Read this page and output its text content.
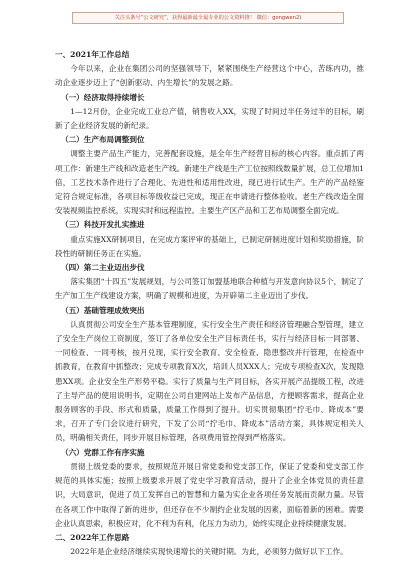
关注头条号“公文研究”，获得最新最全最专业的公文资料推！ 微信：gongwen2)
一、2021年工作总结
今年以来，企业在集团公司的坚强领导下，紧紧围绕生产经营这个中心，苦练内功，推动企业逐步迈上了“创新驱动、内生增长”的发展之路。
（一）经济取得持续增长
1—12月份，企业完成工业总产值，销售收入XX，实现了时间过半任务过半的目标，刷新了企业经济发展的新纪录。
（二）生产布局调整到位
调整主要产品生产能力，完善配套设施，是全年生产经营目标的核心内容。重点抓了两项工作：新建生产线和改造老生产线。新建生产线是生产工位按照线数量扩展，总工位增加1倍，工艺技术条件进行了合理化、先进性和适用性改进，现已进行试生产。生产的产品经鉴定符合规定标准，各项目标等级收益已完成，现正在申请进行整体验收。老生产线改造全面安装视频监控系统，实现实时和远程监控。主要生产区产品和工艺布局调整全面完成。
（三）科技开发扎实推进
重点实施XX研制项目，在完成方案评审的基础上，已制定研制进度计划和奖励措施，阶段性的研制任务正在实施。
（四）第二主业迈出步伐
落实集团“十四五”发展规划，与公司签订加盟基地联合种植与开发意向协议5个，制定了生产加工生产线建设方案，明确了规模和进度，为开辟第二主业迈出了步伐。
（五）基础管理成效突出
认真贯彻公司安全生产基本管理制度，实行安全生产责任和经济管理融合型管理，建立了安全生产岗位工资制度，签订了各单位安全生产目标责任书，实行与经济目标一同部署、一同检查、一同考核，按月兑现，实行安全教育、安全检查、隐患整改并行管理，在检查中抓教育，在教育中抓整改；完成专项教育X次，培训人员XXX人；完成专项检查X次，发现隐患XX项。企业安全生产形势平稳。实行了质量与生产同目标，各实开展产品提级工程，改进了主导产品的使用说明书，定期在公司自建网站上发布产品信息，方便顾客需求，提高企业服务顾客的手段、形式和质量，质量工作得到了提升。切实贯彻集团“拧毛巾、降成本”要求，召开了专门会议进行研究，下发了公司“拧毛巾、降成本”活动方案，具体规定相关人员，明确相关责任，同步开展目标管理，各项费用管控得到严格落实。
（六）党群工作有序实施
贯彻上级党委的要求，按照规范开展日常党委和党支部工作，保证了党委和党支部工作规范的具体实施；按照上级要求开展了党史学习教育活动，提升了企业全体党员的责任意识，大局意识，促进了员工发挥自己的智慧和力量为实企业各项任务发展而贡献力量。尽管在各项工作中取得了新的进步，但还存在不少制约企业发展的因素，面临着新的困难。需要企业认真思索，积极应对，化不利为有利，化压力为动力，始终实现企业持续健康发展。
二、2022年工作思路
2022年是企业经济继续实现快速增长的关键时期。为此，必须努力做好以下工作。
